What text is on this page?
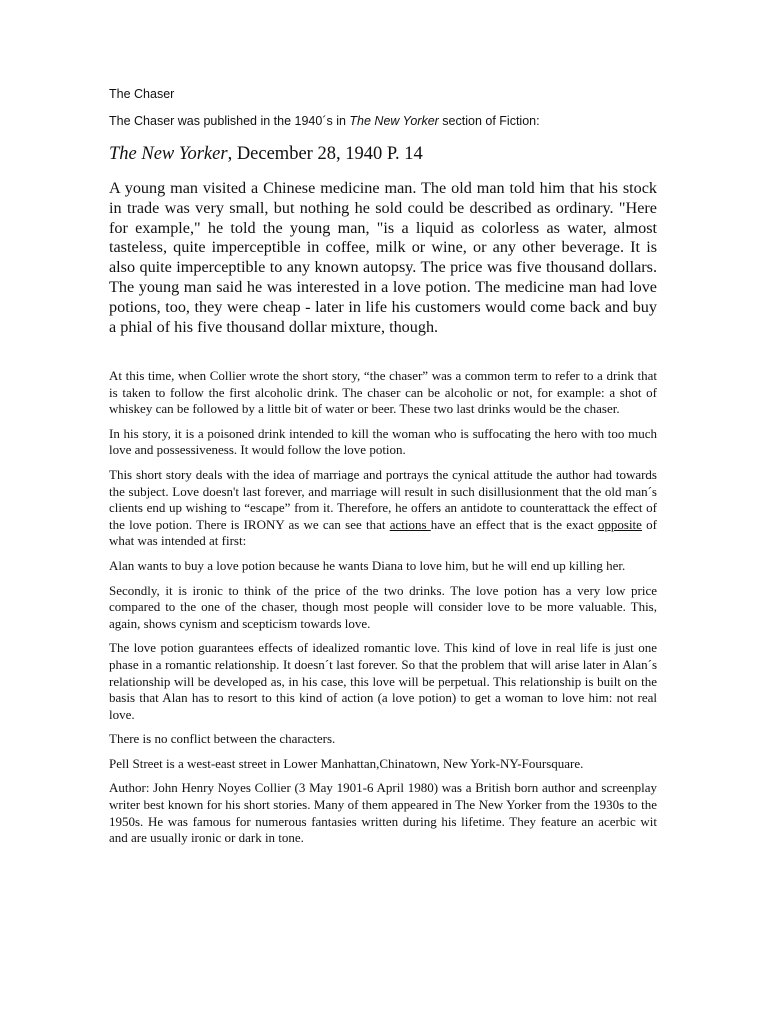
The Chaser
The Chaser was published in the 1940´s in The New Yorker section of Fiction:
The New Yorker, December 28, 1940 P. 14
A young man visited a Chinese medicine man. The old man told him that his stock in trade was very small, but nothing he sold could be described as ordinary. "Here for example," he told the young man, "is a liquid as colorless as water, almost tasteless, quite imperceptible in coffee, milk or wine, or any other beverage. It is also quite imperceptible to any known autopsy. The price was five thousand dollars. The young man said he was interested in a love potion. The medicine man had love potions, too, they were cheap - later in life his customers would come back and buy a phial of his five thousand dollar mixture, though.

At this time, when Collier wrote the short story, “the chaser” was a common term to refer to a drink that is taken to follow the first alcoholic drink. The chaser can be alcoholic or not, for example: a shot of whiskey can be followed by a little bit of water or beer. These two last drinks would be the chaser.

In his story, it is a poisoned drink intended to kill the woman who is suffocating the hero with too much love and possessiveness. It would follow the love potion.

This short story deals with the idea of marriage and portrays the cynical attitude the author had towards the subject. Love doesn't last forever, and marriage will result in such disillusionment that the old man´s clients end up wishing to “escape” from it. Therefore, he offers an antidote to counterattack the effect of the love potion. There is IRONY as we can see that actions have an effect that is the exact opposite of what was intended at first:

Alan wants to buy a love potion because he wants Diana to love him, but he will end up killing her.

Secondly, it is ironic to think of the price of the two drinks. The love potion has a very low price compared to the one of the chaser, though most people will consider love to be more valuable. This, again, shows cynism and scepticism towards love.

The love potion guarantees effects of idealized romantic love. This kind of love in real life is just one phase in a romantic relationship. It doesn´t last forever. So that the problem that will arise later in Alan´s relationship will be developed as, in his case, this love will be perpetual. This relationship is built on the basis that Alan has to resort to this kind of action (a love potion) to get a woman to love him: not real love.

There is no conflict between the characters.

Pell Street is a west-east street in Lower Manhattan,Chinatown, New York-NY-Foursquare.

Author: John Henry Noyes Collier (3 May 1901-6 April 1980) was a British born author and screenplay writer best known for his short stories. Many of them appeared in The New Yorker from the 1930s to the 1950s. He was famous for numerous fantasies written during his lifetime. They feature an acerbic wit and are usually ironic or dark in tone.
